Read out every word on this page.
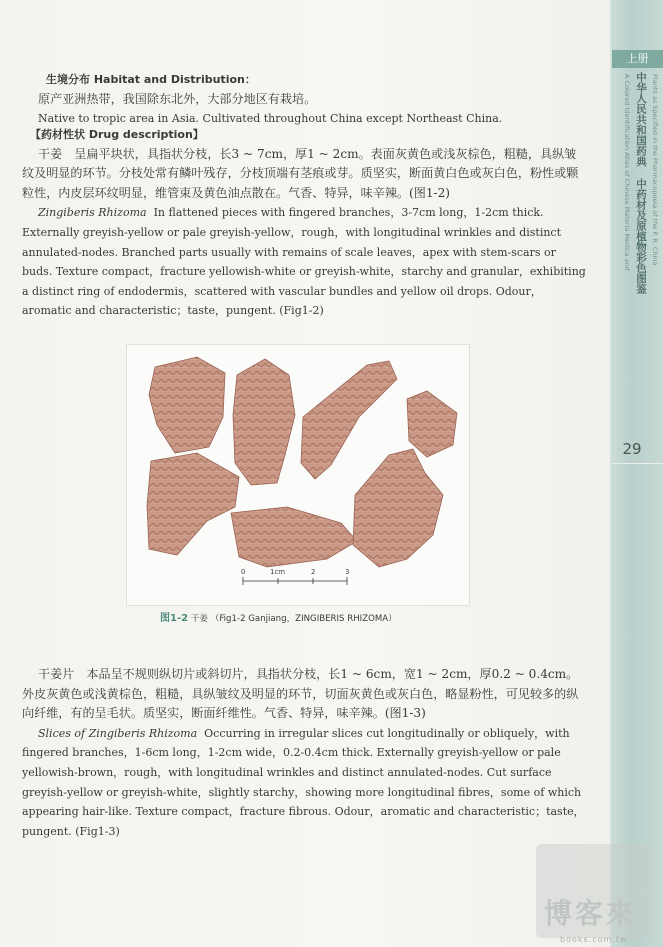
上册
中华人民共和国药典 中药材及原植物彩色图鉴
A Colored Identification Atlas of Chinese Materia Medica and	Plants as Specified in the Pharmacopoeia of the P. R. China
29

生境分布 Habitat and Distribution：

原产亚洲热带，我国除东北外，大部分地区有栽培。

Native to tropic area in Asia. Cultivated throughout China except Northeast China.

【药材性状 Drug description】

干姜　呈扁平块状，具指状分枝，长3 ~ 7cm，厚1 ~ 2cm。表面灰黄色或浅灰棕色，粗糙，具纵皱纹及明显的环节。分枝处常有鳞叶残存，分枝顶端有茎痕或芽。质坚实，断面黄白色或灰白色，粉性或颗粒性，内皮层环纹明显，维管束及黄色油点散在。气香、特异，味辛辣。(图1-2)

Zingiberis Rhizoma In flattened pieces with fingered branches，3-7cm long，1-2cm thick. Externally greyish-yellow or pale greyish-yellow，rough，with longitudinal wrinkles and distinct annulated-nodes. Branched parts usually with remains of scale leaves，apex with stem-scars or buds. Texture compact，fracture yellowish-white or greyish-white，starchy and granular，exhibiting a distinct ring of endodermis，scattered with vascular bundles and yellow oil drops. Odour，aromatic and characteristic；taste，pungent. (Fig1-2)

0	1cm	2	3
图1-2 干姜 （Fig1-2 Ganjiang，ZINGIBERIS RHIZOMA）

干姜片　本品呈不规则纵切片或斜切片，具指状分枝，长1 ~ 6cm，宽1 ~ 2cm，厚0.2 ~ 0.4cm。外皮灰黄色或浅黄棕色，粗糙，具纵皱纹及明显的环节，切面灰黄色或灰白色，略显粉性，可见较多的纵向纤维，有的呈毛状。质坚实，断面纤维性。气香、特异，味辛辣。(图1-3)

Slices of Zingiberis Rhizoma Occurring in irregular slices cut longitudinally or obliquely，with fingered branches，1-6cm long，1-2cm wide，0.2-0.4cm thick. Externally greyish-yellow or pale yellowish-brown，rough，with longitudinal wrinkles and distinct annulated-nodes. Cut surface greyish-yellow or greyish-white，slightly starchy，showing more longitudinal fibres，some of which appearing hair-like. Texture compact，fracture fibrous. Odour，aromatic and characteristic；taste，pungent. (Fig1-3)

博客來
books.com.tw
